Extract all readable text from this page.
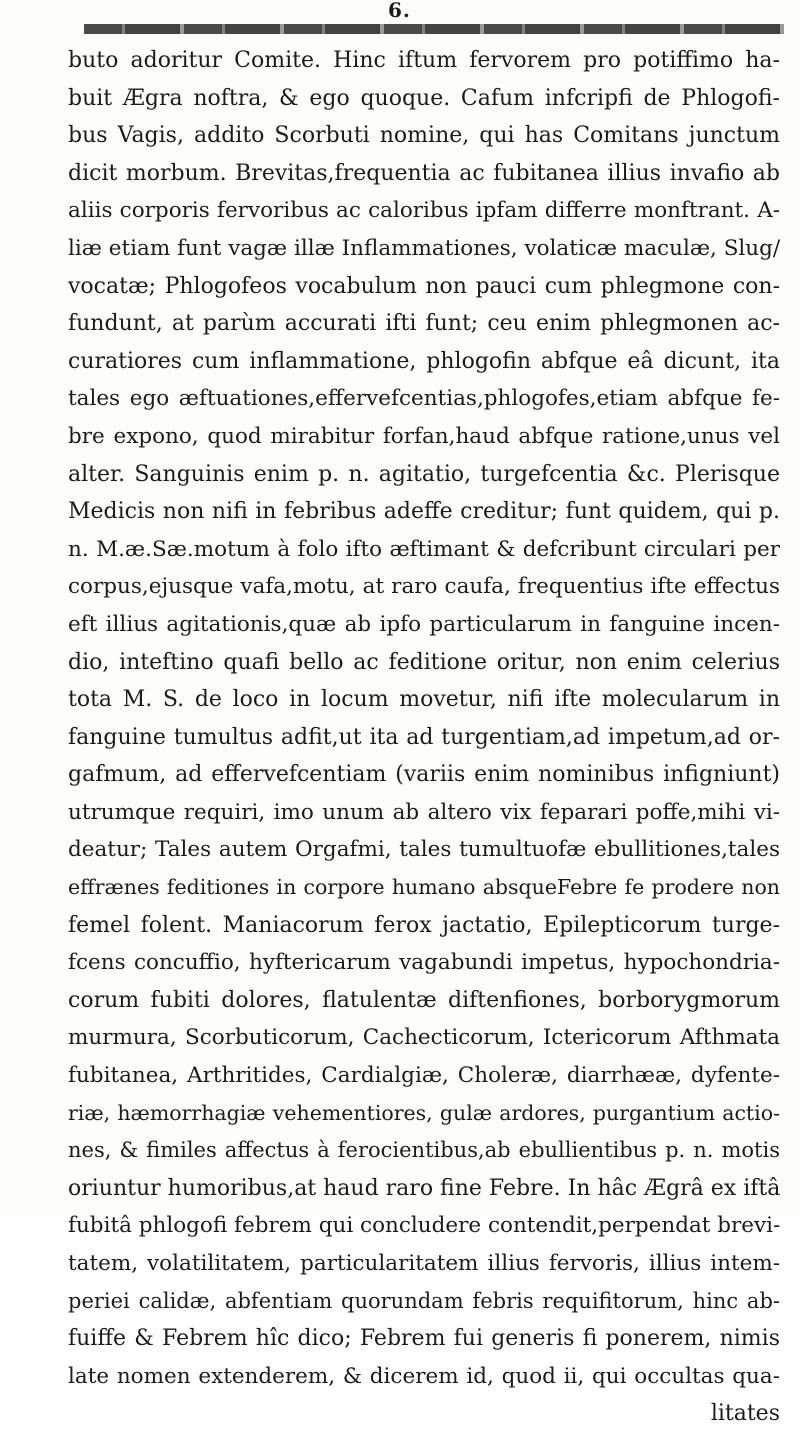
6.
buto adoritur Comite. Hinc iftum fervorem pro potiffimo ha-
buit Ægra noftra, & ego quoque. Cafum infcripfi de Phlogofi-
bus Vagis, addito Scorbuti nomine, qui has Comitans junctum
dicit morbum. Brevitas,frequentia ac fubitanea illius invafio ab
aliis corporis fervoribus ac caloribus ipfam differre monftrant. A-
liæ etiam funt vagæ illæ Inflammationes, volaticæ maculæ, Slug/
vocatæ; Phlogofeos vocabulum non pauci cum phlegmone con-
fundunt, at parùm accurati ifti funt; ceu enim phlegmonen ac-
curatiores cum inflammatione, phlogofin abfque eâ dicunt, ita
tales ego æftuationes,effervefcentias,phlogofes,etiam abfque fe-
bre expono, quod mirabitur forfan,haud abfque ratione,unus vel
alter. Sanguinis enim p. n. agitatio, turgefcentia &c. Plerisque
Medicis non nifi in febribus adeffe creditur; funt quidem, qui p.
n. M.æ.Sæ.motum à folo ifto æftimant & defcribunt circulari per
corpus,ejusque vafa,motu, at raro caufa, frequentius ifte effectus
eft illius agitationis,quæ ab ipfo particularum in fanguine incen-
dio, inteftino quafi bello ac feditione oritur, non enim celerius
tota M. S. de loco in locum movetur, nifi ifte molecularum in
fanguine tumultus adfit,ut ita ad turgentiam,ad impetum,ad or-
gafmum, ad effervefcentiam (variis enim nominibus infigniunt)
utrumque requiri, imo unum ab altero vix feparari poffe,mihi vi-
deatur; Tales autem Orgafmi, tales tumultuofæ ebullitiones,tales
effrænes feditiones in corpore humano absqueFebre fe prodere non
femel folent. Maniacorum ferox jactatio, Epilepticorum turge-
fcens concuffio, hyftericarum vagabundi impetus, hypochondria-
corum fubiti dolores, flatulentæ diftenfiones, borborygmorum
murmura, Scorbuticorum, Cachecticorum, Ictericorum Afthmata
fubitanea, Arthritides, Cardialgiæ, Choleræ, diarrhææ, dyfente-
riæ, hæmorrhagiæ vehementiores, gulæ ardores, purgantium actio-
nes, & fimiles affectus à ferocientibus,ab ebullientibus p. n. motis
oriuntur humoribus,at haud raro fine Febre. In hâc Ægrâ ex iftâ
fubitâ phlogofi febrem qui concludere contendit,perpendat brevi-
tatem, volatilitatem, particularitatem illius fervoris, illius intem-
periei calidæ, abfentiam quorundam febris requifitorum, hinc ab-
fuiffe & Febrem hîc dico; Febrem fui generis fi ponerem, nimis
late nomen extenderem, & dicerem id, quod ii, qui occultas qua-
litates
